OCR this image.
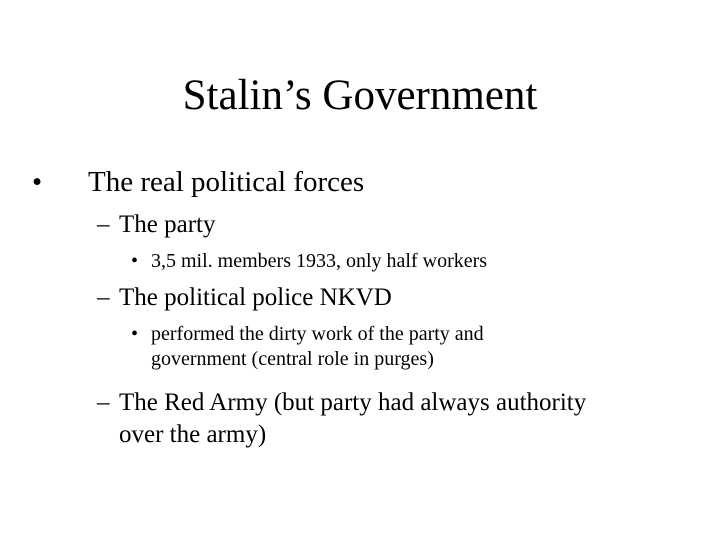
Stalin’s Government
• The real political forces
– The party
• 3,5 mil. members 1933, only half workers
– The political police NKVD
• performed the dirty work of the party and
government (central role in purges)
– The Red Army (but party had always authority
over the army)
